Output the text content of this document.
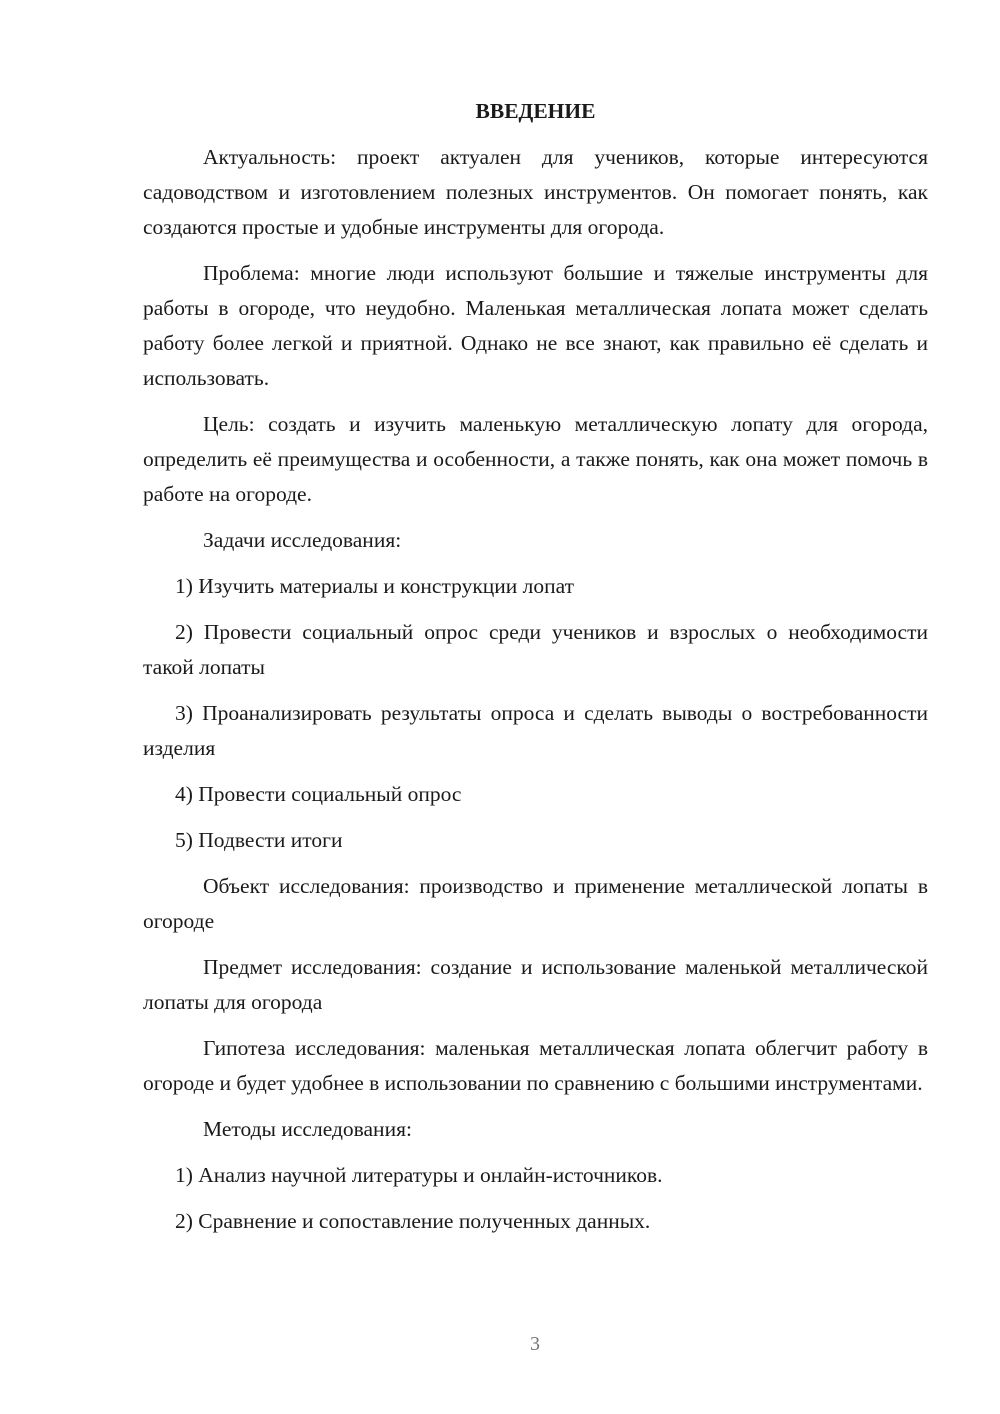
ВВЕДЕНИЕ

Актуальность: проект актуален для учеников, которые интересуются садоводством и изготовлением полезных инструментов. Он помогает понять, как создаются простые и удобные инструменты для огорода.

Проблема: многие люди используют большие и тяжелые инструменты для работы в огороде, что неудобно. Маленькая металлическая лопата может сделать работу более легкой и приятной. Однако не все знают, как правильно её сделать и использовать.

Цель: создать и изучить маленькую металлическую лопату для огорода, определить её преимущества и особенности, а также понять, как она может помочь в работе на огороде.

Задачи исследования:

1) Изучить материалы и конструкции лопат

2) Провести социальный опрос среди учеников и взрослых о необходимости такой лопаты

3) Проанализировать результаты опроса и сделать выводы о востребованности изделия

4) Провести социальный опрос

5) Подвести итоги

Объект исследования: производство и применение металлической лопаты в огороде

Предмет исследования: создание и использование маленькой металлической лопаты для огорода

Гипотеза исследования: маленькая металлическая лопата облегчит работу в огороде и будет удобнее в использовании по сравнению с большими инструментами.

Методы исследования:

1) Анализ научной литературы и онлайн-источников.

2) Сравнение и сопоставление полученных данных.

3
